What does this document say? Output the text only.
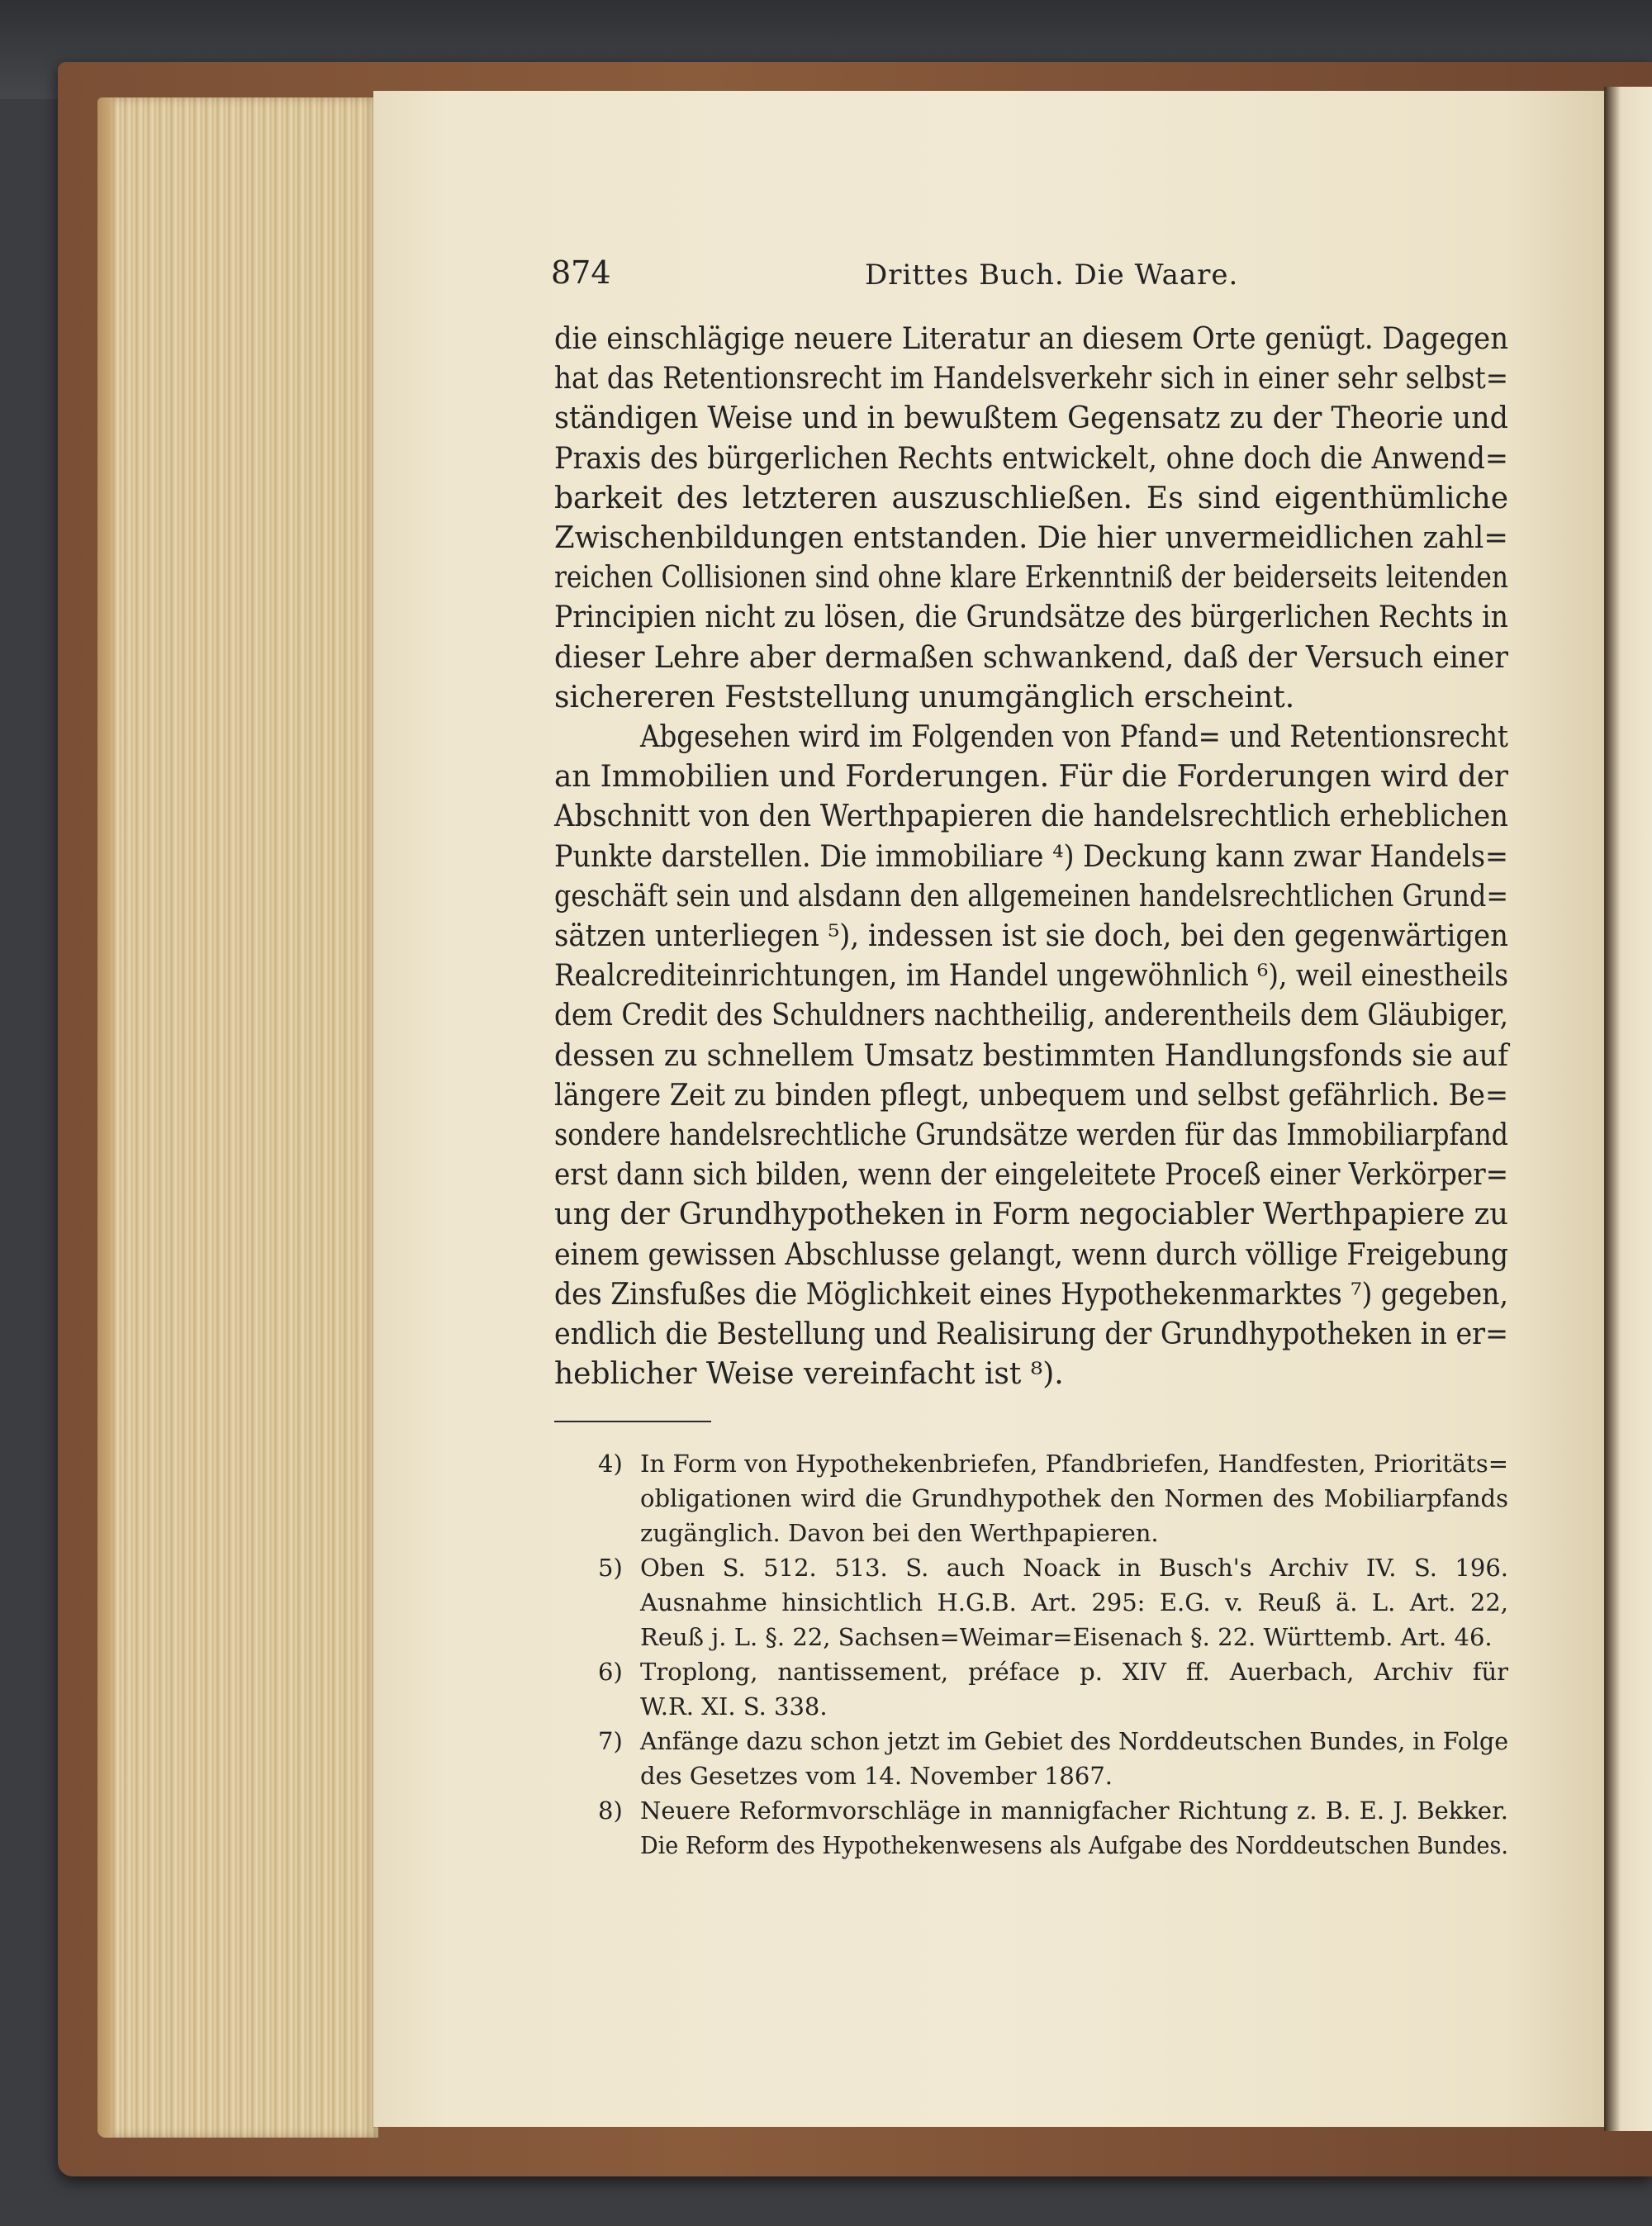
874	Drittes Buch. Die Waare.
die einschlägige neuere Literatur an diesem Orte genügt. Dagegen
hat das Retentionsrecht im Handelsverkehr sich in einer sehr selbst=
ständigen Weise und in bewußtem Gegensatz zu der Theorie und
Praxis des bürgerlichen Rechts entwickelt, ohne doch die Anwend=
barkeit des letzteren auszuschließen. Es sind eigenthümliche
Zwischenbildungen entstanden. Die hier unvermeidlichen zahl=
reichen Collisionen sind ohne klare Erkenntniß der beiderseits leitenden
Principien nicht zu lösen, die Grundsätze des bürgerlichen Rechts in
dieser Lehre aber dermaßen schwankend, daß der Versuch einer
sichereren Feststellung unumgänglich erscheint.
Abgesehen wird im Folgenden von Pfand= und Retentionsrecht
an Immobilien und Forderungen. Für die Forderungen wird der
Abschnitt von den Werthpapieren die handelsrechtlich erheblichen
Punkte darstellen. Die immobiliare ⁴) Deckung kann zwar Handels=
geschäft sein und alsdann den allgemeinen handelsrechtlichen Grund=
sätzen unterliegen ⁵), indessen ist sie doch, bei den gegenwärtigen
Realcrediteinrichtungen, im Handel ungewöhnlich ⁶), weil einestheils
dem Credit des Schuldners nachtheilig, anderentheils dem Gläubiger,
dessen zu schnellem Umsatz bestimmten Handlungsfonds sie auf
längere Zeit zu binden pflegt, unbequem und selbst gefährlich. Be=
sondere handelsrechtliche Grundsätze werden für das Immobiliarpfand
erst dann sich bilden, wenn der eingeleitete Proceß einer Verkörper=
ung der Grundhypotheken in Form negociabler Werthpapiere zu
einem gewissen Abschlusse gelangt, wenn durch völlige Freigebung
des Zinsfußes die Möglichkeit eines Hypothekenmarktes ⁷) gegeben,
endlich die Bestellung und Realisirung der Grundhypotheken in er=
heblicher Weise vereinfacht ist ⁸).
4) In Form von Hypothekenbriefen, Pfandbriefen, Handfesten, Prioritäts=
obligationen wird die Grundhypothek den Normen des Mobiliarpfands
zugänglich. Davon bei den Werthpapieren.
5) Oben S. 512. 513. S. auch Noack in Busch's Archiv IV. S. 196.
Ausnahme hinsichtlich H.G.B. Art. 295: E.G. v. Reuß ä. L. Art. 22,
Reuß j. L. §. 22, Sachsen=Weimar=Eisenach §. 22. Württemb. Art. 46.
6) Troplong, nantissement, préface p. XIV ff. Auerbach, Archiv für
W.R. XI. S. 338.
7) Anfänge dazu schon jetzt im Gebiet des Norddeutschen Bundes, in Folge
des Gesetzes vom 14. November 1867.
8) Neuere Reformvorschläge in mannigfacher Richtung z. B. E. J. Bekker.
Die Reform des Hypothekenwesens als Aufgabe des Norddeutschen Bundes.
